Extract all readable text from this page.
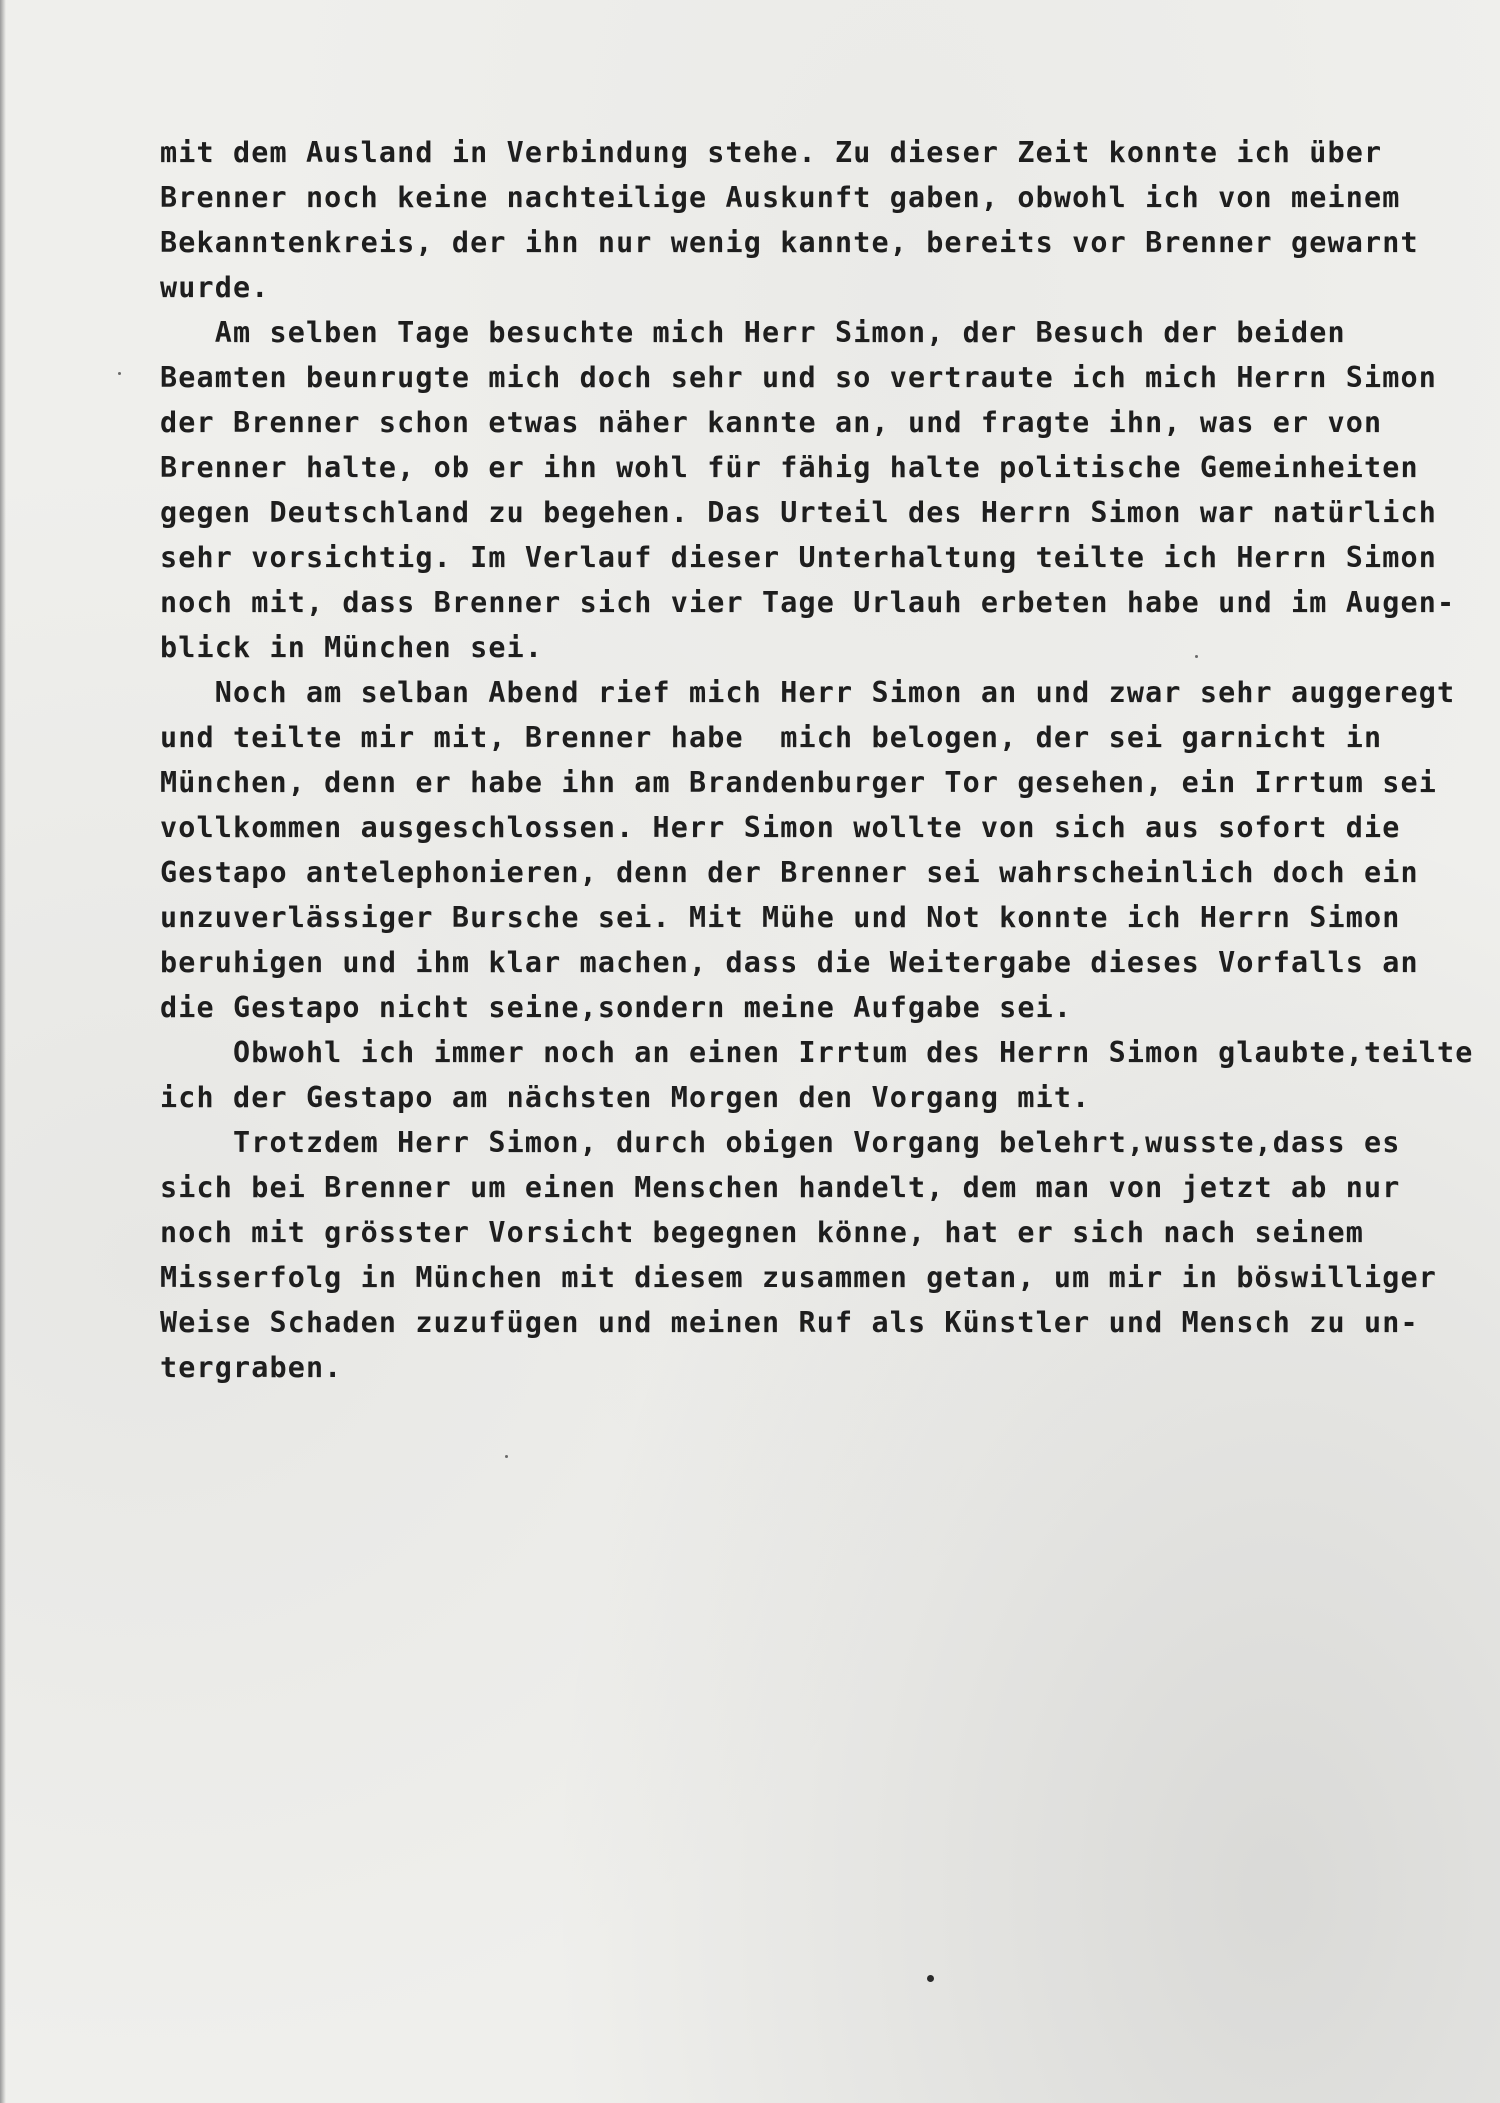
mit dem Ausland in Verbindung stehe. Zu dieser Zeit konnte ich über
Brenner noch keine nachteilige Auskunft gaben, obwohl ich von meinem
Bekanntenkreis, der ihn nur wenig kannte, bereits vor Brenner gewarnt
wurde.
Am selben Tage besuchte mich Herr Simon, der Besuch der beiden
Beamten beunrugte mich doch sehr und so vertraute ich mich Herrn Simon
der Brenner schon etwas näher kannte an, und fragte ihn, was er von
Brenner halte, ob er ihn wohl für fähig halte politische Gemeinheiten
gegen Deutschland zu begehen. Das Urteil des Herrn Simon war natürlich
sehr vorsichtig. Im Verlauf dieser Unterhaltung teilte ich Herrn Simon
noch mit, dass Brenner sich vier Tage Urlauh erbeten habe und im Augen-
blick in München sei.
Noch am selban Abend rief mich Herr Simon an und zwar sehr auggeregt
und teilte mir mit, Brenner habe  mich belogen, der sei garnicht in
München, denn er habe ihn am Brandenburger Tor gesehen, ein Irrtum sei
vollkommen ausgeschlossen. Herr Simon wollte von sich aus sofort die
Gestapo antelephonieren, denn der Brenner sei wahrscheinlich doch ein
unzuverlässiger Bursche sei. Mit Mühe und Not konnte ich Herrn Simon
beruhigen und ihm klar machen, dass die Weitergabe dieses Vorfalls an
die Gestapo nicht seine,sondern meine Aufgabe sei.
Obwohl ich immer noch an einen Irrtum des Herrn Simon glaubte,teilte
ich der Gestapo am nächsten Morgen den Vorgang mit.
Trotzdem Herr Simon, durch obigen Vorgang belehrt,wusste,dass es
sich bei Brenner um einen Menschen handelt, dem man von jetzt ab nur
noch mit grösster Vorsicht begegnen könne, hat er sich nach seinem
Misserfolg in München mit diesem zusammen getan, um mir in böswilliger
Weise Schaden zuzufügen und meinen Ruf als Künstler und Mensch zu un-
tergraben.
